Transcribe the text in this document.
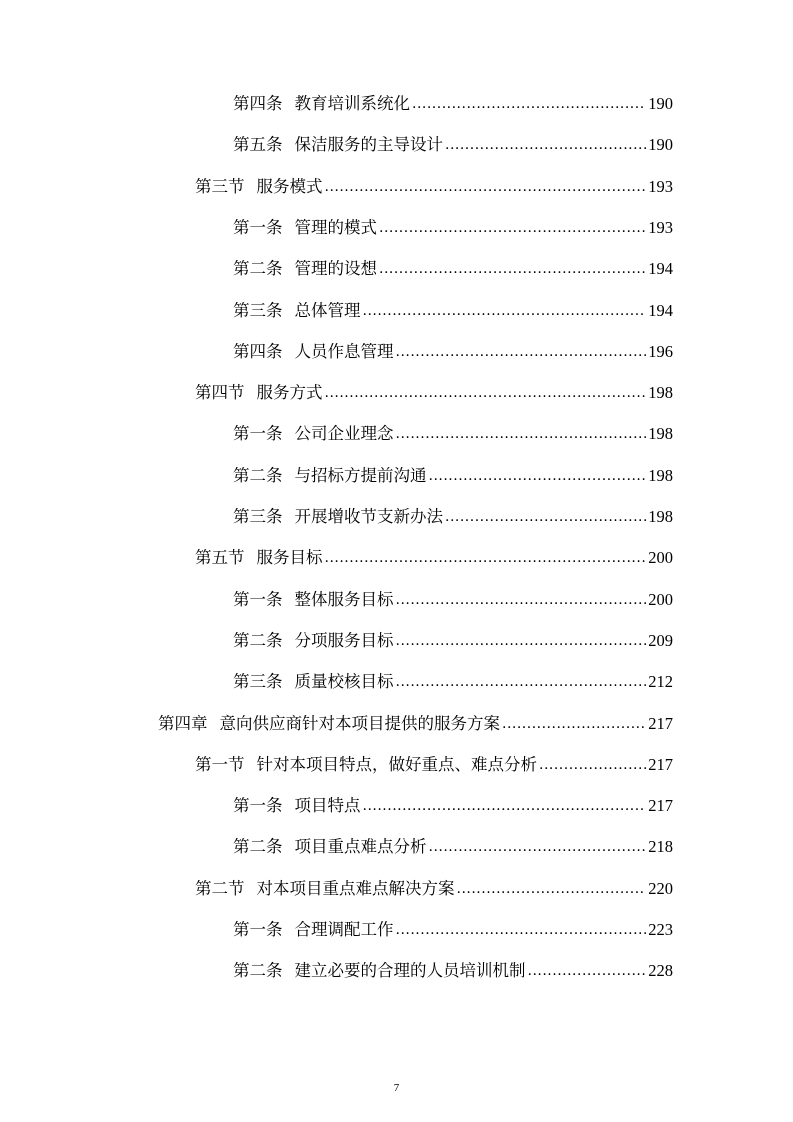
第四条 教育培训系统化 .....	190
第五条 保洁服务的主导设计 .....	190
第三节 服务模式 .....	193
第一条 管理的模式 .....	193
第二条 管理的设想 .....	194
第三条 总体管理 .....	194
第四条 人员作息管理 .....	196
第四节 服务方式 .....	198
第一条 公司企业理念 .....	198
第二条 与招标方提前沟通 .....	198
第三条 开展增收节支新办法 .....	198
第五节 服务目标 .....	200
第一条 整体服务目标 .....	200
第二条 分项服务目标 .....	209
第三条 质量校核目标 .....	212
第四章 意向供应商针对本项目提供的服务方案 .....	217
第一节 针对本项目特点，做好重点、难点分析 .....	217
第一条 项目特点 .....	217
第二条 项目重点难点分析 .....	218
第二节 对本项目重点难点解决方案 .....	220
第一条 合理调配工作 .....	223
第二条 建立必要的合理的人员培训机制 .....	228
7
